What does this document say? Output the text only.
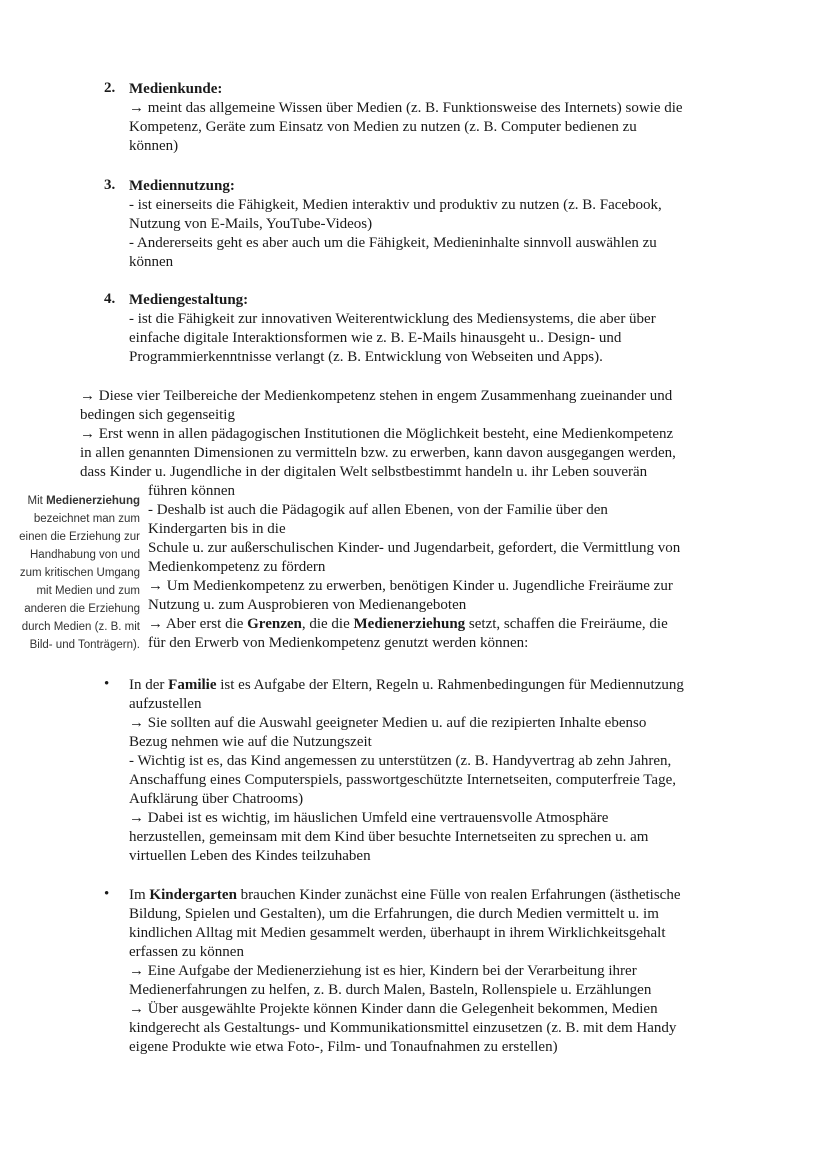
2. Medienkunde:
→ meint das allgemeine Wissen über Medien (z. B. Funktionsweise des Internets) sowie die
Kompetenz, Geräte zum Einsatz von Medien zu nutzen (z. B. Computer bedienen zu
können)
3. Mediennutzung:
- ist einerseits die Fähigkeit, Medien interaktiv und produktiv zu nutzen (z. B. Facebook,
Nutzung von E-Mails, YouTube-Videos)
- Andererseits geht es aber auch um die Fähigkeit, Medieninhalte sinnvoll auswählen zu
können
4. Mediengestaltung:
- ist die Fähigkeit zur innovativen Weiterentwicklung des Mediensystems, die aber über
einfache digitale Interaktionsformen wie z. B. E-Mails hinausgeht u.. Design- und
Programmierkenntnisse verlangt (z. B. Entwicklung von Webseiten und Apps).
→ Diese vier Teilbereiche der Medienkompetenz stehen in engem Zusammenhang zueinander und
bedingen sich gegenseitig
→ Erst wenn in allen pädagogischen Institutionen die Möglichkeit besteht, eine Medienkompetenz
in allen genannten Dimensionen zu vermitteln bzw. zu erwerben, kann davon ausgegangen werden,
dass Kinder u. Jugendliche in der digitalen Welt selbstbestimmt handeln u. ihr Leben souverän
führen können
- Deshalb ist auch die Pädagogik auf allen Ebenen, von der Familie über den
Kindergarten bis in die
Schule u. zur außerschulischen Kinder- und Jugendarbeit, gefordert, die Vermittlung von
Medienkompetenz zu fördern
→ Um Medienkompetenz zu erwerben, benötigen Kinder u. Jugendliche Freiräume zur
Nutzung u. zum Ausprobieren von Medienangeboten
→ Aber erst die Grenzen, die die Medienerziehung setzt, schaffen die Freiräume, die
für den Erwerb von Medienkompetenz genutzt werden können:
Mit Medienerziehung
bezeichnet man zum
einen die Erziehung zur
Handhabung von und
zum kritischen Umgang
mit Medien und zum
anderen die Erziehung
durch Medien (z. B. mit
Bild- und Tonträgern).
• In der Familie ist es Aufgabe der Eltern, Regeln u. Rahmenbedingungen für Mediennutzung
aufzustellen
→ Sie sollten auf die Auswahl geeigneter Medien u. auf die rezipierten Inhalte ebenso
Bezug nehmen wie auf die Nutzungszeit
- Wichtig ist es, das Kind angemessen zu unterstützen (z. B. Handyvertrag ab zehn Jahren,
Anschaffung eines Computerspiels, passwortgeschützte Internetseiten, computerfreie Tage,
Aufklärung über Chatrooms)
→ Dabei ist es wichtig, im häuslichen Umfeld eine vertrauensvolle Atmosphäre
herzustellen, gemeinsam mit dem Kind über besuchte Internetseiten zu sprechen u. am
virtuellen Leben des Kindes teilzuhaben
• Im Kindergarten brauchen Kinder zunächst eine Fülle von realen Erfahrungen (ästhetische
Bildung, Spielen und Gestalten), um die Erfahrungen, die durch Medien vermittelt u. im
kindlichen Alltag mit Medien gesammelt werden, überhaupt in ihrem Wirklichkeitsgehalt
erfassen zu können
→ Eine Aufgabe der Medienerziehung ist es hier, Kindern bei der Verarbeitung ihrer
Medienerfahrungen zu helfen, z. B. durch Malen, Basteln, Rollenspiele u. Erzählungen
→ Über ausgewählte Projekte können Kinder dann die Gelegenheit bekommen, Medien
kindgerecht als Gestaltungs- und Kommunikationsmittel einzusetzen (z. B. mit dem Handy
eigene Produkte wie etwa Foto-, Film- und Tonaufnahmen zu erstellen)
